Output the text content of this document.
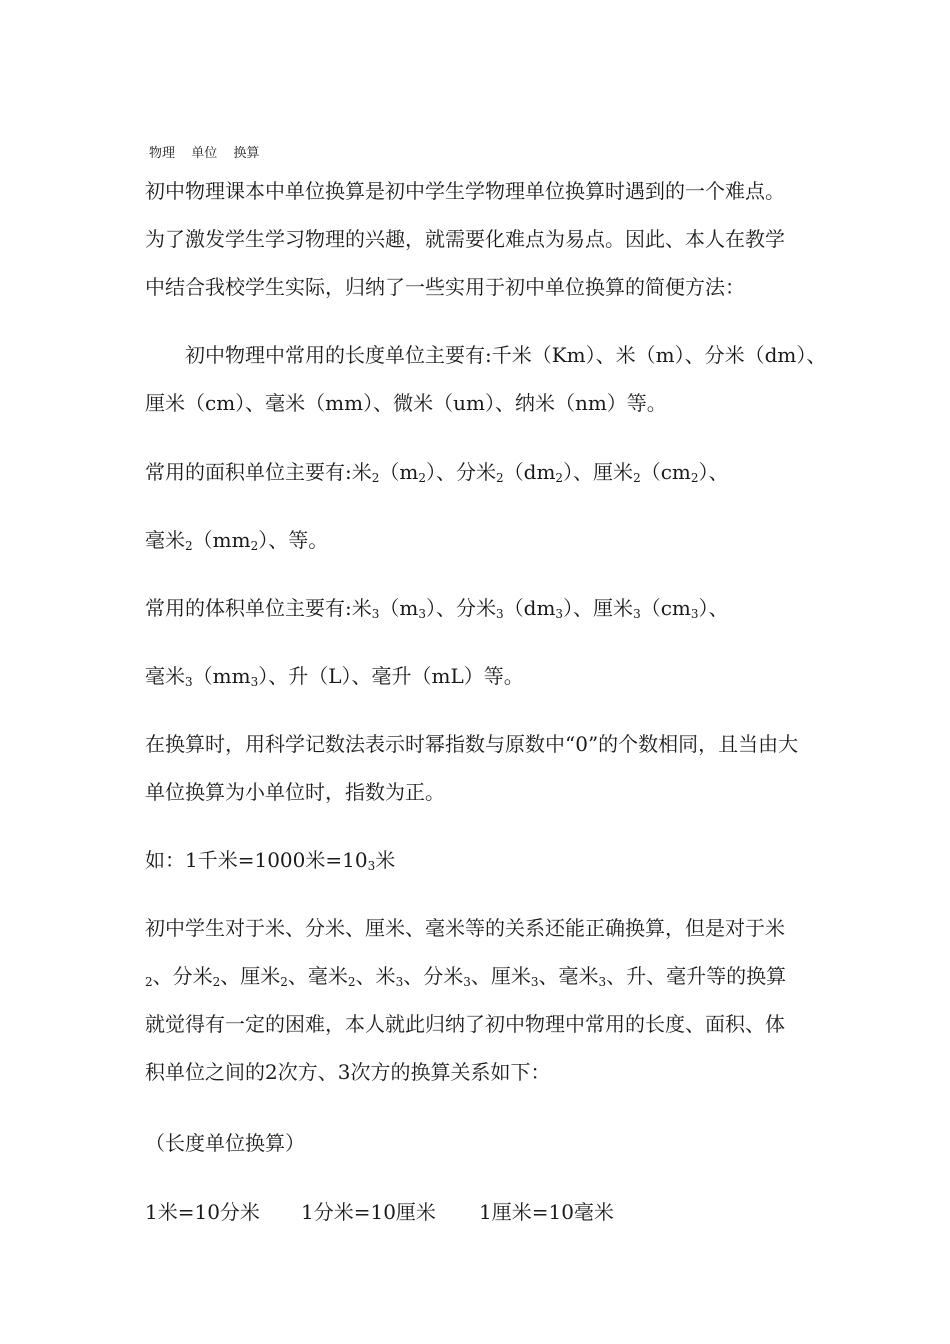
物理  单位  换算
初中物理课本中单位换算是初中学生学物理单位换算时遇到的一个难点。
为了激发学生学习物理的兴趣，就需要化难点为易点。因此、本人在教学
中结合我校学生实际，归纳了一些实用于初中单位换算的简便方法：
初中物理中常用的长度单位主要有:千米（Km）、米（m）、分米（dm）、
厘米（cm）、毫米（mm）、微米（um）、纳米（nm）等。
常用的面积单位主要有:米$_2(m_2)$、分米$_2(dm_2)$、厘米$_2(cm_2)$、
毫米$_2(mm_2)$、等。
常用的体积单位主要有:米$_3(m_3)$、分米$_3(dm_3)$、厘米$_3(cm_3)$、
毫米$_3(mm_3)$、升（L）、毫升（mL）等。
在换算时，用科学记数法表示时幂指数与原数中“0”的个数相同，且当由大
单位换算为小单位时，指数为正。
如：1千米=1000米$=10_3$米
初中学生对于米、分米、厘米、毫米等的关系还能正确换算，但是对于米
$_2$、分米$_2$、厘米$_2$、毫米$_2$、米$_3$、分米$_3$、厘米$_3$、毫米$_3$、升、毫升等的换算
就觉得有一定的困难，本人就此归纳了初中物理中常用的长度、面积、体
积单位之间的2次方、3次方的换算关系如下：
（长度单位换算）
1米=10分米 1分米=10厘米 1厘米=10毫米
